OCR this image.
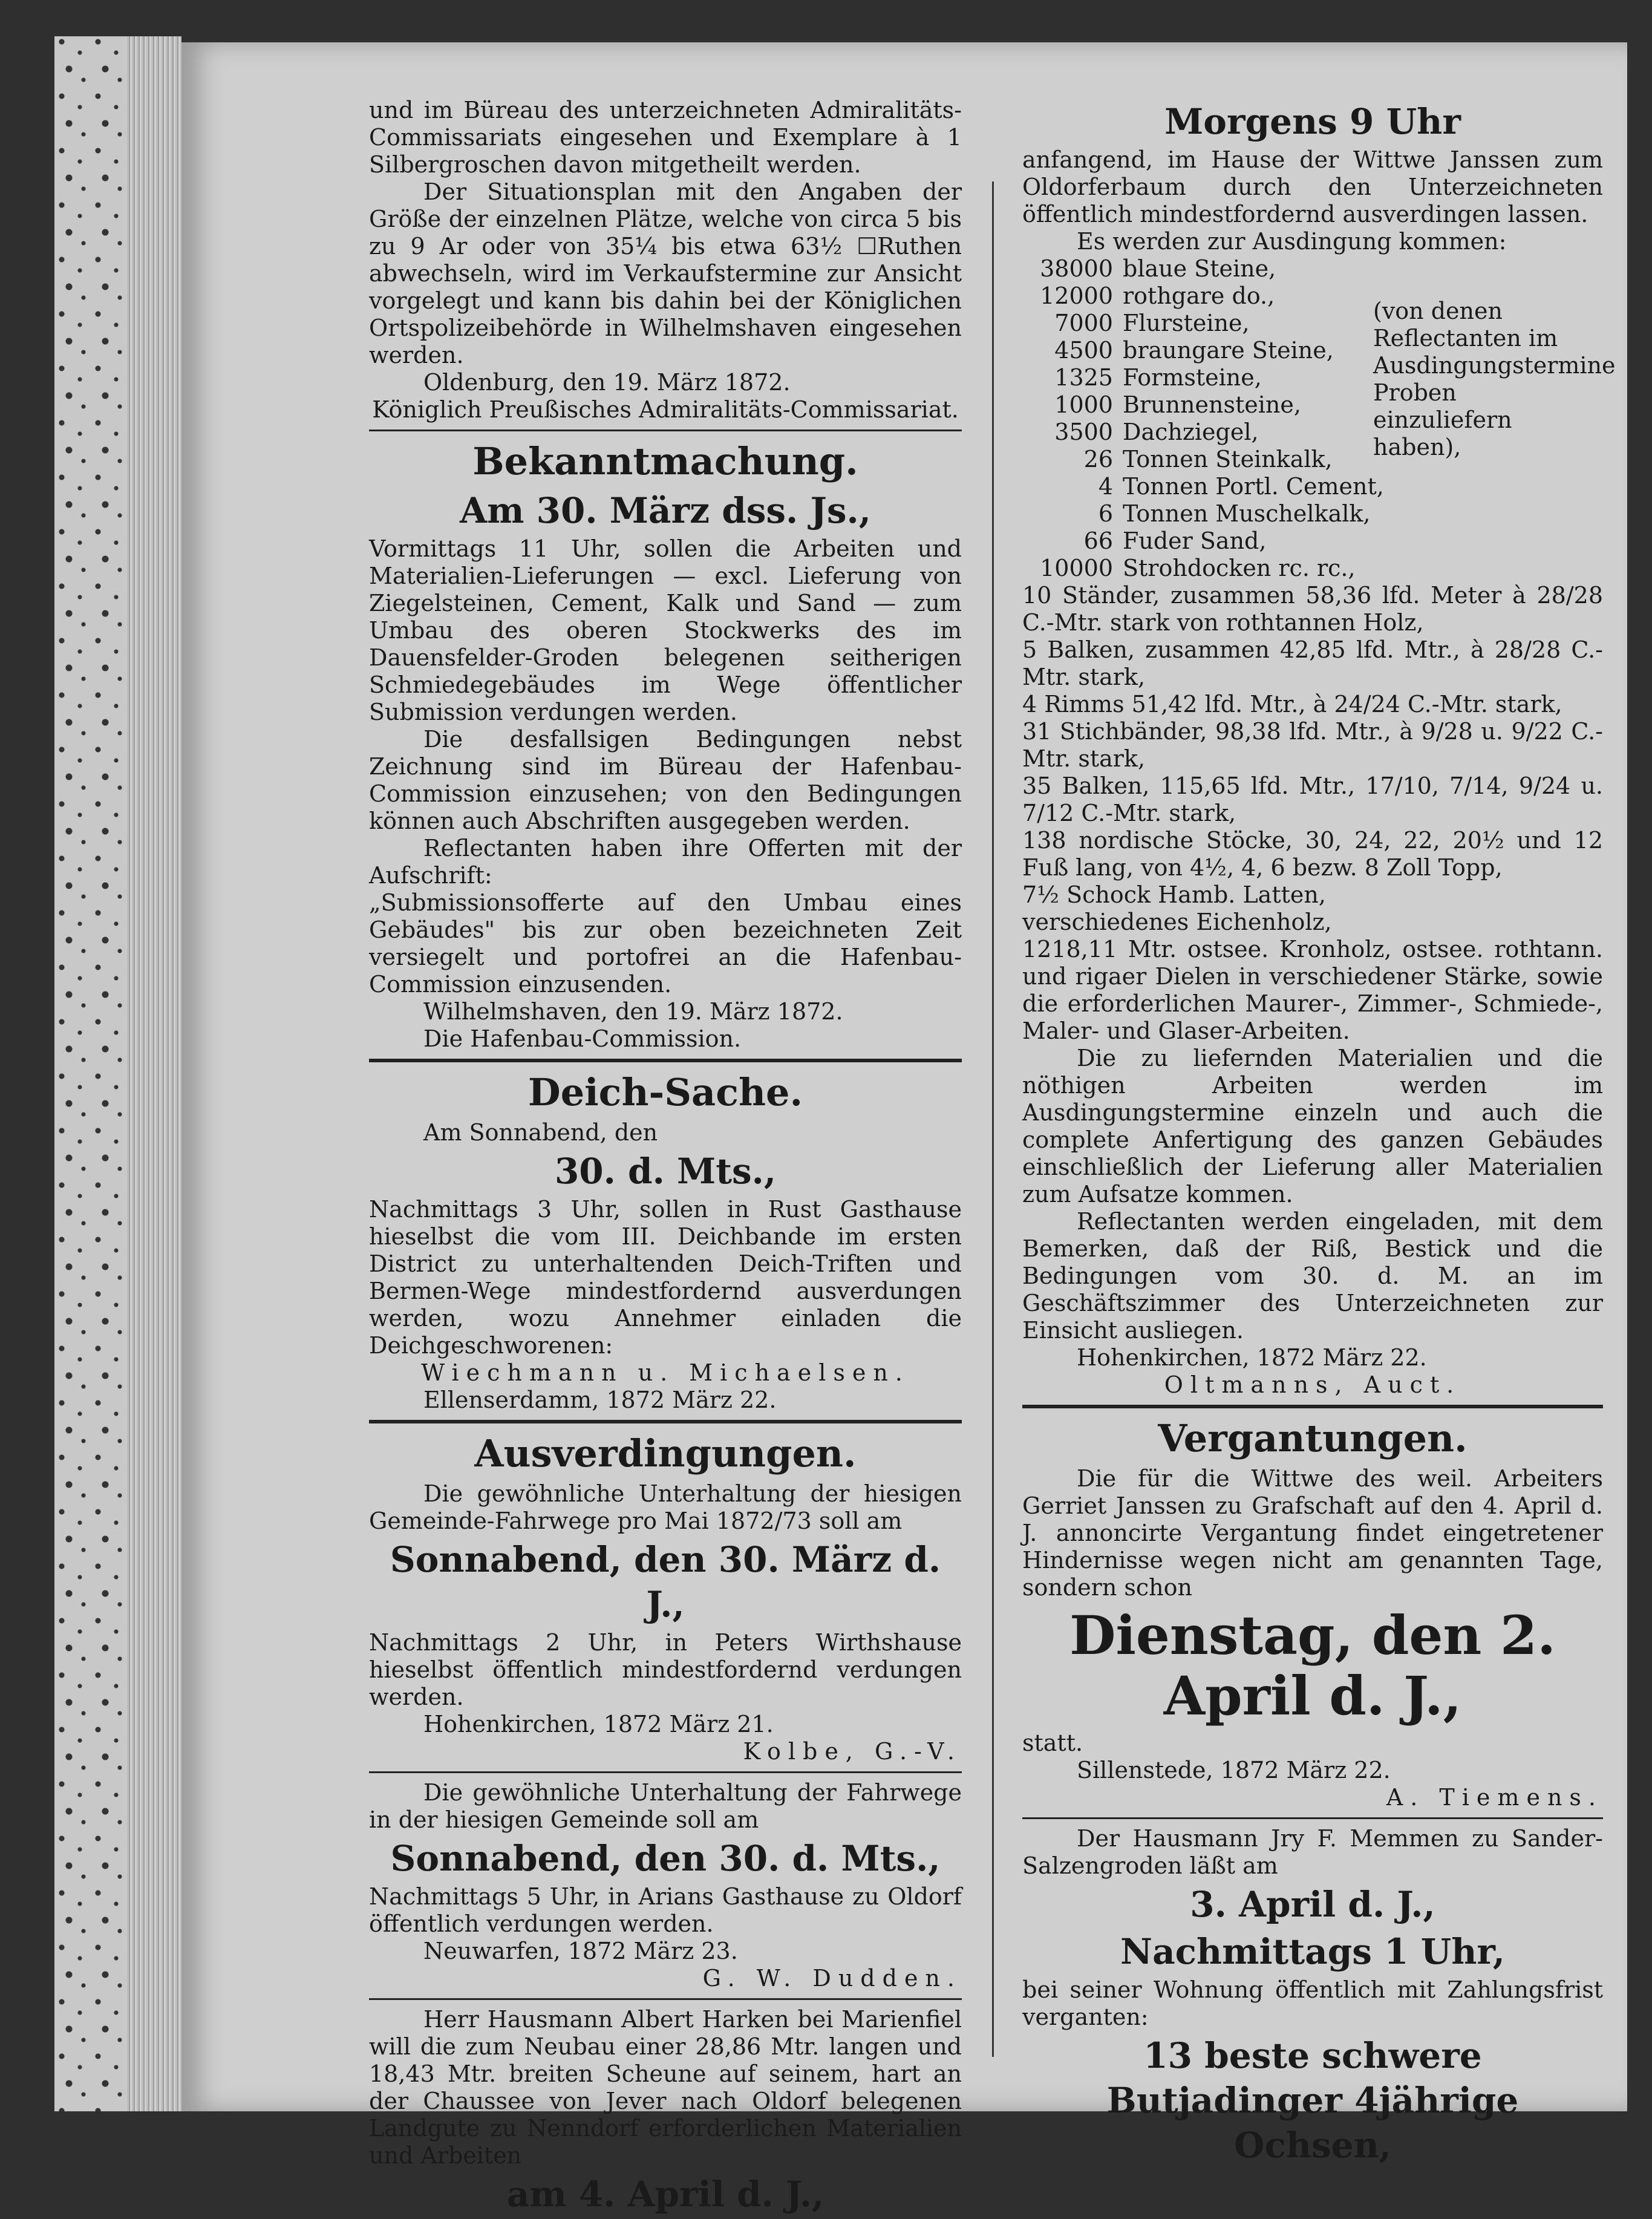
und im Büreau des unterzeichneten Admiralitäts-Commissariats eingesehen und Exemplare à 1 Silbergroschen davon mitgetheilt werden.

Der Situationsplan mit den Angaben der Größe der einzelnen Plätze, welche von circa 5 bis zu 9 Ar oder von 35¼ bis etwa 63½ ☐Ruthen abwechseln, wird im Verkaufstermine zur Ansicht vorgelegt und kann bis dahin bei der Königlichen Ortspolizeibehörde in Wilhelmshaven eingesehen werden.

Oldenburg, den 19. März 1872.

Königlich Preußisches Admiralitäts-Commissariat.

Bekanntmachung.
Am 30. März dss. Js.,

Vormittags 11 Uhr, sollen die Arbeiten und Materialien-Lieferungen — excl. Lieferung von Ziegelsteinen, Cement, Kalk und Sand — zum Umbau des oberen Stockwerks des im Dauensfelder-Groden belegenen seitherigen Schmiedegebäudes im Wege öffentlicher Submission verdungen werden.

Die desfallsigen Bedingungen nebst Zeichnung sind im Büreau der Hafenbau-Commission einzusehen; von den Bedingungen können auch Abschriften ausgegeben werden.

Reflectanten haben ihre Offerten mit der Aufschrift:

„Submissionsofferte auf den Umbau eines Gebäudes" bis zur oben bezeichneten Zeit versiegelt und portofrei an die Hafenbau-Commission einzusenden.

Wilhelmshaven, den 19. März 1872.

Die Hafenbau-Commission.

Deich-Sache.

Am Sonnabend, den

30. d. Mts.,

Nachmittags 3 Uhr, sollen in Rust Gasthause hieselbst die vom III. Deichbande im ersten District zu unterhaltenden Deich-Triften und Bermen-Wege mindestfordernd ausverdungen werden, wozu Annehmer einladen die Deichgeschworenen:

Wiechmann u. Michaelsen.

Ellenserdamm, 1872 März 22.

Ausverdingungen.

Die gewöhnliche Unterhaltung der hiesigen Gemeinde-Fahrwege pro Mai 1872/73 soll am

Sonnabend, den 30. März d. J.,

Nachmittags 2 Uhr, in Peters Wirthshause hieselbst öffentlich mindestfordernd verdungen werden.

Hohenkirchen, 1872 März 21.

Kolbe, G.-V.

Die gewöhnliche Unterhaltung der Fahrwege in der hiesigen Gemeinde soll am

Sonnabend, den 30. d. Mts.,

Nachmittags 5 Uhr, in Arians Gasthause zu Oldorf öffentlich verdungen werden.

Neuwarfen, 1872 März 23.

G. W. Dudden.

Herr Hausmann Albert Harken bei Marienfiel will die zum Neubau einer 28,86 Mtr. langen und 18,43 Mtr. breiten Scheune auf seinem, hart an der Chaussee von Jever nach Oldorf belegenen Landgute zu Nenndorf erforderlichen Materialien und Arbeiten

am 4. April d. J.,
Morgens 9 Uhr

anfangend, im Hause der Wittwe Janssen zum Oldorferbaum durch den Unterzeichneten öffentlich mindestfordernd ausverdingen lassen.

Es werden zur Ausdingung kommen:

38000 blaue Steine,
12000 rothgare do.,
7000 Flursteine,
4500 braungare Steine,
1325 Formsteine,
1000 Brunnensteine,
3500 Dachziegel,
26 Tonnen Steinkalk,
4 Tonnen Portl. Cement,
6 Tonnen Muschelkalk,
66 Fuder Sand,
10000 Strohdocken rc. rc.,
(von denen Reflectanten im Ausdingungstermine Proben einzuliefern haben),

10 Ständer, zusammen 58,36 lfd. Meter à 28/28 C.-Mtr. stark von rothtannen Holz,

5 Balken, zusammen 42,85 lfd. Mtr., à 28/28 C.-Mtr. stark,

4 Rimms 51,42 lfd. Mtr., à 24/24 C.-Mtr. stark,

31 Stichbänder, 98,38 lfd. Mtr., à 9/28 u. 9/22 C.-Mtr. stark,

35 Balken, 115,65 lfd. Mtr., 17/10, 7/14, 9/24 u. 7/12 C.-Mtr. stark,

138 nordische Stöcke, 30, 24, 22, 20½ und 12 Fuß lang, von 4½, 4, 6 bezw. 8 Zoll Topp,

7½ Schock Hamb. Latten,

verschiedenes Eichenholz,

1218,11 Mtr. ostsee. Kronholz, ostsee. rothtann. und rigaer Dielen in verschiedener Stärke, sowie die erforderlichen Maurer-, Zimmer-, Schmiede-, Maler- und Glaser-Arbeiten.

Die zu liefernden Materialien und die nöthigen Arbeiten werden im Ausdingungstermine einzeln und auch die complete Anfertigung des ganzen Gebäudes einschließlich der Lieferung aller Materialien zum Aufsatze kommen.

Reflectanten werden eingeladen, mit dem Bemerken, daß der Riß, Bestick und die Bedingungen vom 30. d. M. an im Geschäftszimmer des Unterzeichneten zur Einsicht ausliegen.

Hohenkirchen, 1872 März 22.

Oltmanns, Auct.

Vergantungen.

Die für die Wittwe des weil. Arbeiters Gerriet Janssen zu Grafschaft auf den 4. April d. J. annoncirte Vergantung findet eingetretener Hindernisse wegen nicht am genannten Tage, sondern schon

Dienstag, den 2. April d. J.,

statt.

Sillenstede, 1872 März 22.

A. Tiemens.

Der Hausmann Jry F. Memmen zu Sander-Salzengroden läßt am

3. April d. J.,
Nachmittags 1 Uhr,

bei seiner Wohnung öffentlich mit Zahlungsfrist verganten:

13 beste schwere Butjadinger 4jährige Ochsen,
